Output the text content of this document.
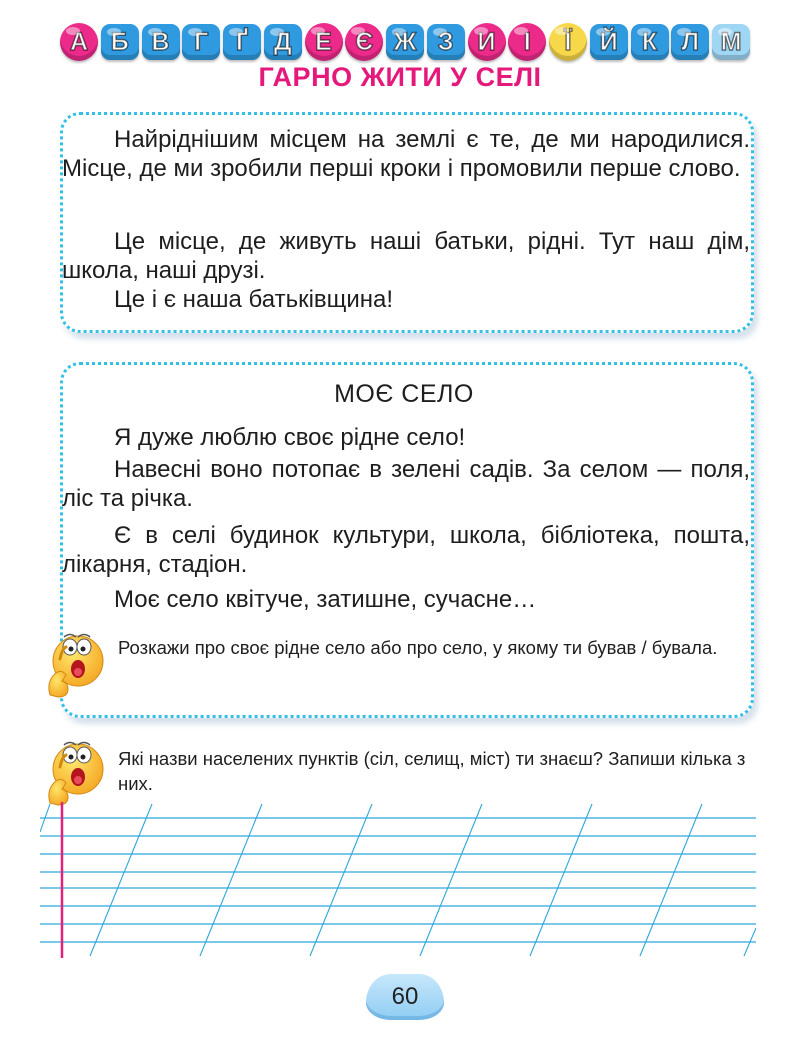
А Б В Г	Ґ	Д Е Є Ж З И	І	Ї	Й К Л М
ГАРНО ЖИТИ У СЕЛІ

Найріднішим місцем на землі є те, де ми народилися. Місце, де ми зробили перші кроки і промовили перше слово.

Це місце, де живуть наші батьки, рідні. Тут наш дім, школа, наші друзі.

Це і є наша батьківщина!

МОЄ СЕЛО

Я дуже люблю своє рідне село!

Навесні воно потопає в зелені садів. За селом — поля, ліс та річка.

Є в селі будинок культури, школа, бібліотека, пошта, лікарня, стадіон.

Моє село квітуче, затишне, сучасне…

Розкажи про своє рідне село або про село, у якому ти бував / бувала.

Які назви населених пунктів (сіл, селищ, міст) ти знаєш? Запиши кілька з них.

60
